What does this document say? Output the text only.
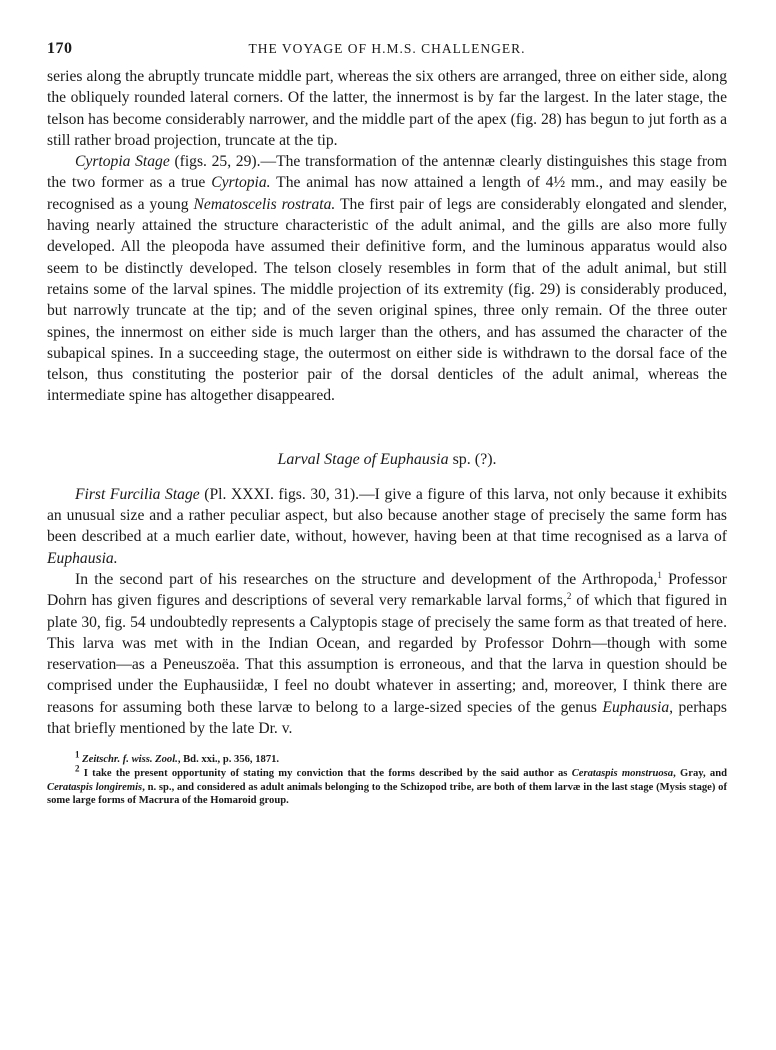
170	THE VOYAGE OF H.M.S. CHALLENGER.

series along the abruptly truncate middle part, whereas the six others are arranged, three on either side, along the obliquely rounded lateral corners. Of the latter, the innermost is by far the largest. In the later stage, the telson has become considerably narrower, and the middle part of the apex (fig. 28) has begun to jut forth as a still rather broad projection, truncate at the tip.

Cyrtopia Stage (figs. 25, 29).—The transformation of the antennæ clearly distinguishes this stage from the two former as a true Cyrtopia. The animal has now attained a length of 4½ mm., and may easily be recognised as a young Nematoscelis rostrata. The first pair of legs are considerably elongated and slender, having nearly attained the structure characteristic of the adult animal, and the gills are also more fully developed. All the pleopoda have assumed their definitive form, and the luminous apparatus would also seem to be distinctly developed. The telson closely resembles in form that of the adult animal, but still retains some of the larval spines. The middle projection of its extremity (fig. 29) is considerably produced, but narrowly truncate at the tip; and of the seven original spines, three only remain. Of the three outer spines, the innermost on either side is much larger than the others, and has assumed the character of the subapical spines. In a succeeding stage, the outermost on either side is withdrawn to the dorsal face of the telson, thus constituting the posterior pair of the dorsal denticles of the adult animal, whereas the intermediate spine has altogether disappeared.

Larval Stage of Euphausia sp. (?).

First Furcilia Stage (Pl. XXXI. figs. 30, 31).—I give a figure of this larva, not only because it exhibits an unusual size and a rather peculiar aspect, but also because another stage of precisely the same form has been described at a much earlier date, without, however, having been at that time recognised as a larva of Euphausia.

In the second part of his researches on the structure and development of the Arthropoda,$^1$ Professor Dohrn has given figures and descriptions of several very remarkable larval forms,$^2$ of which that figured in plate 30, fig. 54 undoubtedly represents a Calyptopis stage of precisely the same form as that treated of here. This larva was met with in the Indian Ocean, and regarded by Professor Dohrn—though with some reservation—as a Peneuszoëa. That this assumption is erroneous, and that the larva in question should be comprised under the Euphausiidæ, I feel no doubt whatever in asserting; and, moreover, I think there are reasons for assuming both these larvæ to belong to a large-sized species of the genus Euphausia, perhaps that briefly mentioned by the late Dr. v.

$^1$ Zeitschr. f. wiss. Zool., Bd. xxi., p. 356, 1871.

$^2$ I take the present opportunity of stating my conviction that the forms described by the said author as Cerataspis monstruosa, Gray, and Cerataspis longiremis, n. sp., and considered as adult animals belonging to the Schizopod tribe, are both of them larvæ in the last stage (Mysis stage) of some large forms of Macrura of the Homaroid group.
